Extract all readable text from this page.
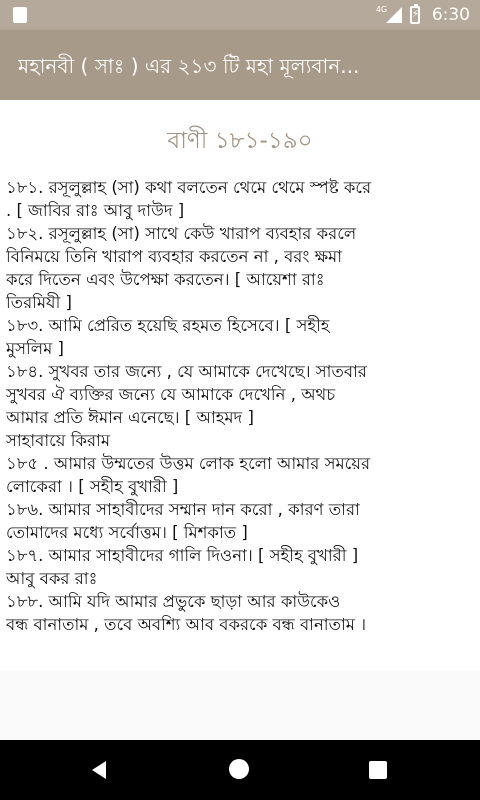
4G ⚡ 6:30
মহানবী ( সাঃ ) এর ২১৩ টি মহা মূল্যবান...
বাণী ১৮১-১৯০
১৮১. রসূলুল্লাহ (সা) কথা বলতেন থেমে থেমে স্পষ্ট করে
. [ জাবির রাঃ আবু দাউদ ]
১৮২. রসূলুল্লাহ (সা) সাথে কেউ খারাপ ব্যবহার করলে
বিনিময়ে তিনি খারাপ ব্যবহার করতেন না , বরং ক্ষমা
করে দিতেন এবং উপেক্ষা করতেন। [ আয়েশা রাঃ
তিরমিযী ]
১৮৩. আমি প্রেরিত হয়েছি রহমত হিসেবে। [ সহীহ
মুসলিম ]
১৮৪. সুখবর তার জন্যে , যে আমাকে দেখেছে। সাতবার
সুখবর ঐ ব্যক্তির জন্যে যে আমাকে দেখেনি , অথচ
আমার প্রতি ঈমান এনেছে। [ আহমদ ]
সাহাবায়ে কিরাম
১৮৫ . আমার উম্মতের উত্তম লোক হলো আমার সময়ের
লোকেরা । [ সহীহ বুখারী ]
১৮৬. আমার সাহাবীদের সম্মান দান করো , কারণ তারা
তোমাদের মধ্যে সর্বোত্তম। [ মিশকাত ]
১৮৭. আমার সাহাবীদের গালি দিওনা। [ সহীহ বুখারী ]
আবু বকর রাঃ
১৮৮. আমি যদি আমার প্রভুকে ছাড়া আর কাউকেও
বন্ধ বানাতাম , তবে অবশ্যি আব বকরকে বন্ধ বানাতাম ।
